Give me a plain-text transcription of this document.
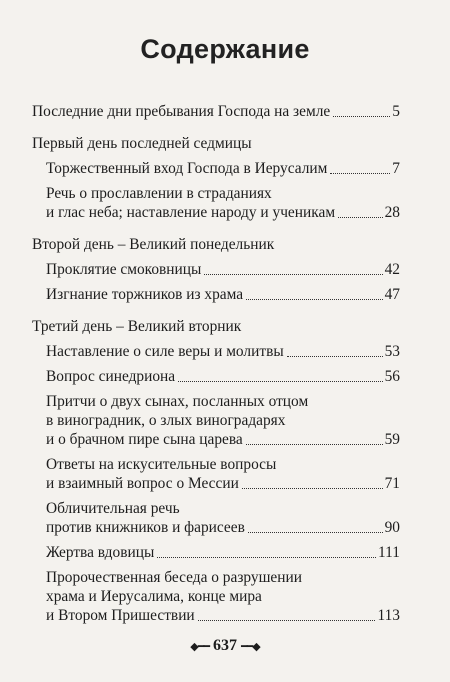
Содержание
Последние дни пребывания Господа на земле	5
Первый день последней седмицы
Торжественный вход Господа в Иерусалим	7
Речь о прославлении в страданиях
и глас неба; наставление народу и ученикам	28
Второй день – Великий понедельник
Проклятие смоковницы	42
Изгнание торжников из храма	47
Третий день – Великий вторник
Наставление о силе веры и молитвы	53
Вопрос синедриона	56
Притчи о двух сынах, посланных отцом
в виноградник, о злых виноградарях
и о брачном пире сына царева	59
Ответы на искусительные вопросы
и взаимный вопрос о Мессии	71
Обличительная речь
против книжников и фарисеев	90
Жертва вдовицы	111
Пророчественная беседа о разрушении
храма и Иерусалима, конце мира
и Втором Пришествии	113
◆━━ 637 ━━◆
